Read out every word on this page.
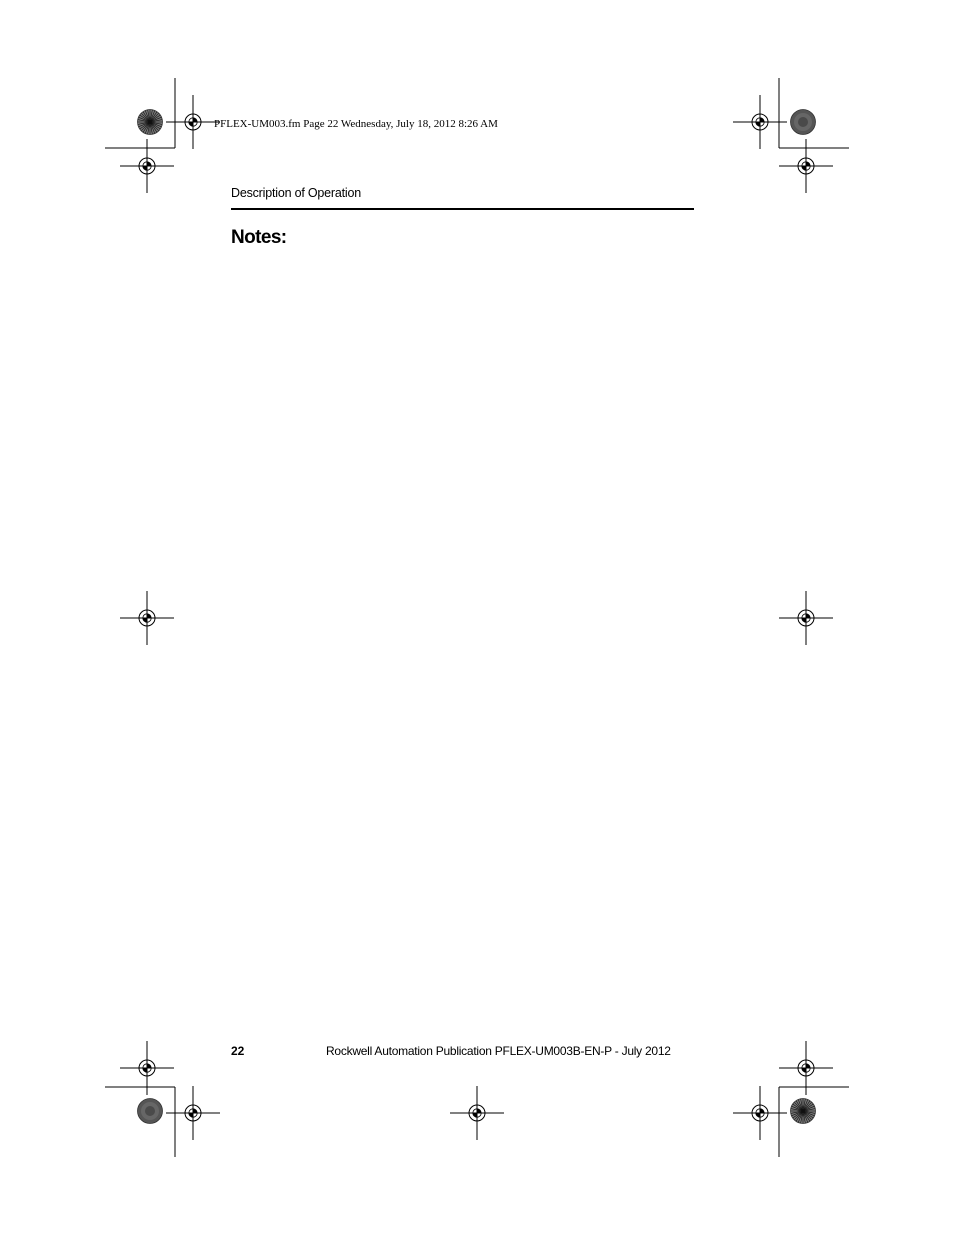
PFLEX-UM003.fm Page 22 Wednesday, July 18, 2012 8:26 AM
Description of Operation
Notes:
22	Rockwell Automation Publication PFLEX-UM003B-EN-P - July 2012
